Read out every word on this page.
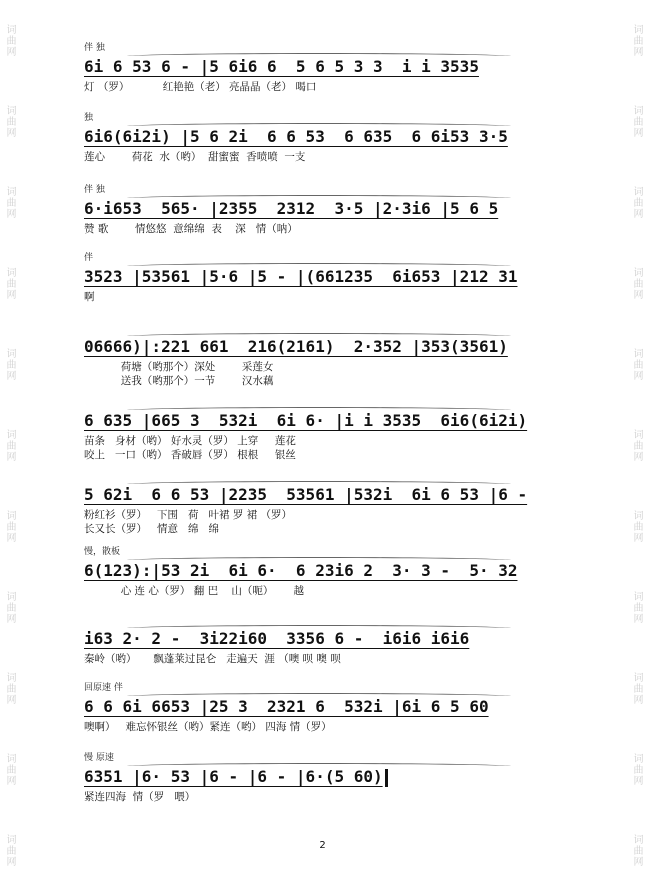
词曲网
词曲网
词曲网
词曲网
词曲网
词曲网
词曲网
词曲网
词曲网
词曲网
词曲网
词曲网
词曲网
词曲网
词曲网
词曲网
词曲网
词曲网
词曲网
词曲网
词曲网
词曲网
伴 独
6i 6 53 6 - |5 6i6 6  5 6 5 3 3  i i 3535
灯 （罗）          红艳艳（老） 亮晶晶（老） 喝口
独
6i6(6i2i) |5 6 2i  6 6 53  6 635  6 6i53 3·5
莲心        荷花  水（哟）  甜蜜蜜  香喷喷  一支
伴 独
6·i653  565· |2355  2312  3·5 |2·3i6 |5 6 5
赞 歌        情悠悠  意绵绵  表    深   情（呐）
伴
3523 |53561 |5·6 |5 - |(661235  6i653 |212 31
啊
06666)|:221 661  216(2161)  2·352 |353(3561)
荷塘（哟那个）深处        采莲女
送我（哟那个）一节        汉水藕
6 635 |665 3  532i  6i 6· |i i 3535  6i6(6i2i)
苗条   身材（哟） 好水灵（罗） 上穿     莲花
咬上   一口（哟） 香破唇（罗） 根根     银丝
5 62i  6 6 53 |2235  53561 |532i  6i 6 53 |6 -
粉红衫（罗）   下围   荷   叶裙 罗 裙 （罗）
长又长（罗）   情意   绵   绵
慢，散板
6(123):|53 2i  6i 6·  6 23i6 2  3· 3 -  5· 32
心 连 心（罗） 翻 巴    山（呃）      越
i63 2· 2 -  3i22i60  3356 6 -  i6i6 i6i6
秦岭（哟）     飘蓬莱过昆仑   走遍天  涯 （噢 呗 噢 呗
回原速 伴
6 6 6i 6653 |25 3  2321 6  532i |6i 6 5 60
噢啊）   难忘怀银丝（哟）紧连（哟） 四海 情（罗）
慢 原速
6351 |6· 53 |6 - |6 - |6·(5 60)
紧连四海  情（罗   喂）
2
